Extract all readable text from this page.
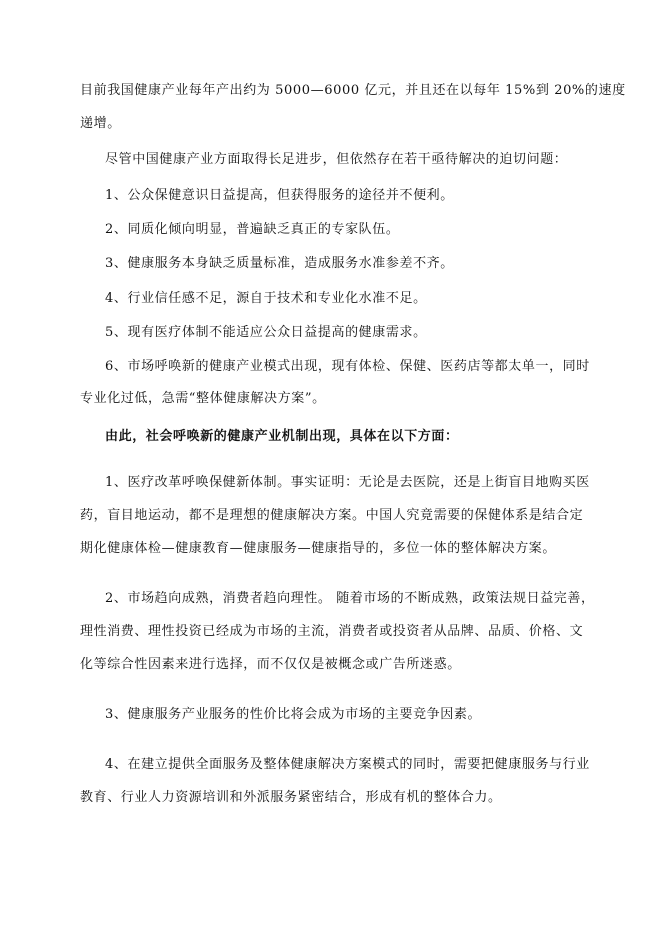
目前我国健康产业每年产出约为 5000—6000 亿元，并且还在以每年 15%到 20%的速度
递增。
尽管中国健康产业方面取得长足进步，但依然存在若干亟待解决的迫切问题：
1、公众保健意识日益提高，但获得服务的途径并不便利。
2、同质化倾向明显，普遍缺乏真正的专家队伍。
3、健康服务本身缺乏质量标准，造成服务水准参差不齐。
4、行业信任感不足，源自于技术和专业化水准不足。
5、现有医疗体制不能适应公众日益提高的健康需求。
6、市场呼唤新的健康产业模式出现，现有体检、保健、医药店等都太单一，同时
专业化过低，急需“整体健康解决方案”。
由此，社会呼唤新的健康产业机制出现，具体在以下方面：
1、医疗改革呼唤保健新体制。事实证明：无论是去医院，还是上街盲目地购买医
药，盲目地运动，都不是理想的健康解决方案。中国人究竟需要的保健体系是结合定
期化健康体检—健康教育—健康服务—健康指导的，多位一体的整体解决方案。
2、市场趋向成熟，消费者趋向理性。 随着市场的不断成熟，政策法规日益完善，
理性消费、理性投资已经成为市场的主流，消费者或投资者从品牌、品质、价格、文
化等综合性因素来进行选择，而不仅仅是被概念或广告所迷惑。
3、健康服务产业服务的性价比将会成为市场的主要竞争因素。
4、在建立提供全面服务及整体健康解决方案模式的同时，需要把健康服务与行业
教育、行业人力资源培训和外派服务紧密结合，形成有机的整体合力。
